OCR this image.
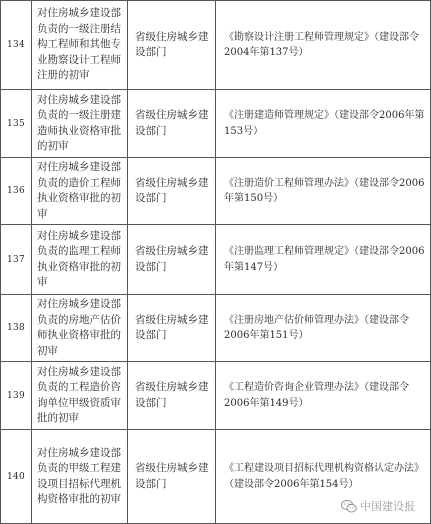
134	对住房城乡建设部负责的一级注册结构工程师和其他专业勘察设计工程师注册的初审	省级住房城乡建设部门	《勘察设计注册工程师管理规定》（建设部令2004年第137号）
135	对住房城乡建设部负责的一级注册建造师执业资格审批的初审	省级住房城乡建设部门	《注册建造师管理规定》（建设部令2006年第153号）
136	对住房城乡建设部负责的造价工程师执业资格审批的初审	省级住房城乡建设部门	《注册造价工程师管理办法》（建设部令2006年第150号）
137	对住房城乡建设部负责的监理工程师执业资格审批的初审	省级住房城乡建设部门	《注册监理工程师管理规定》（建设部令2006年第147号）
138	对住房城乡建设部负责的房地产估价师执业资格审批的初审	省级住房城乡建设部门	《注册房地产估价师管理办法》（建设部令2006年第151号）
139	对住房城乡建设部负责的工程造价咨询单位甲级资质审批的初审	省级住房城乡建设部门	《工程造价咨询企业管理办法》（建设部令2006年第149号）
140	对住房城乡建设部负责的甲级工程建设项目招标代理机构资格审批的初审	省级住房城乡建设部门	《工程建设项目招标代理机构资格认定办法》（建设部令2006年第154号）
中国建设报
